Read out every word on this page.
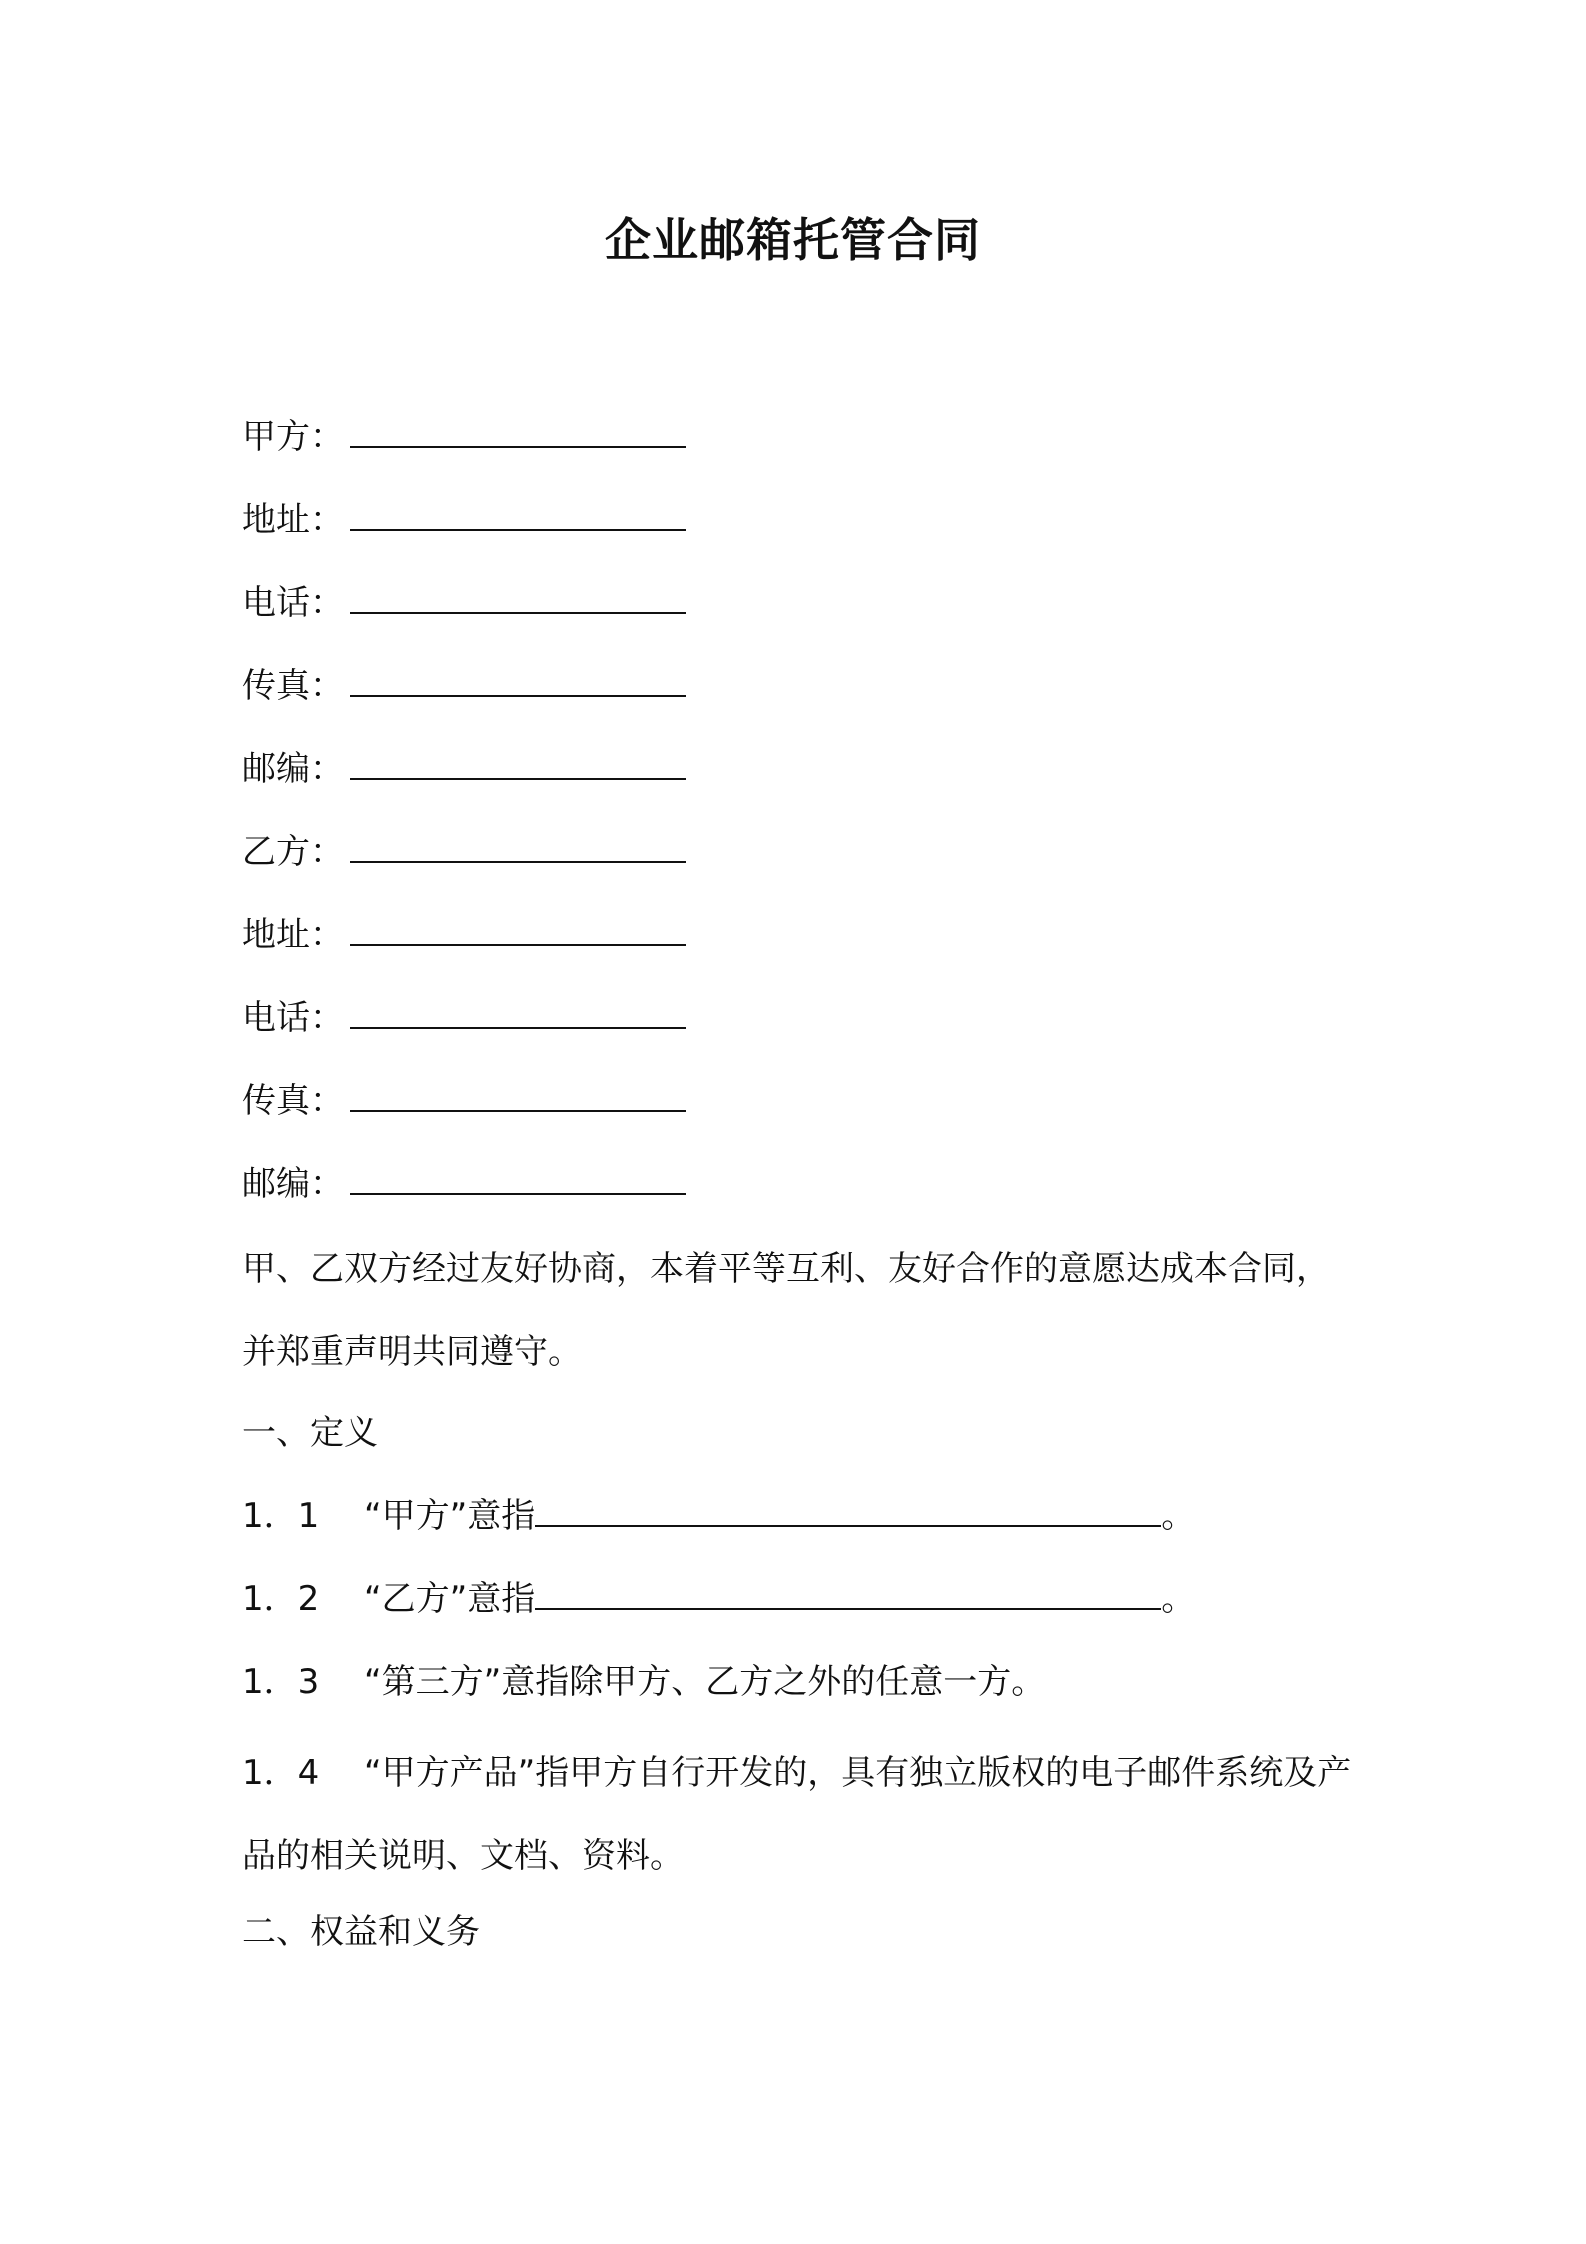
企业邮箱托管合同
甲方：
地址：
电话：
传真：
邮编：
乙方：
地址：
电话：
传真：
邮编：
甲、乙双方经过友好协商，本着平等互利、友好合作的意愿达成本合同，并郑重声明共同遵守。
一、定义
1．1 “甲方”意指	。
1．2 “乙方”意指	。
1．3 “第三方”意指除甲方、乙方之外的任意一方。
1．4 “甲方产品”指甲方自行开发的，具有独立版权的电子邮件系统及产品的相关说明、文档、资料。
二、权益和义务
